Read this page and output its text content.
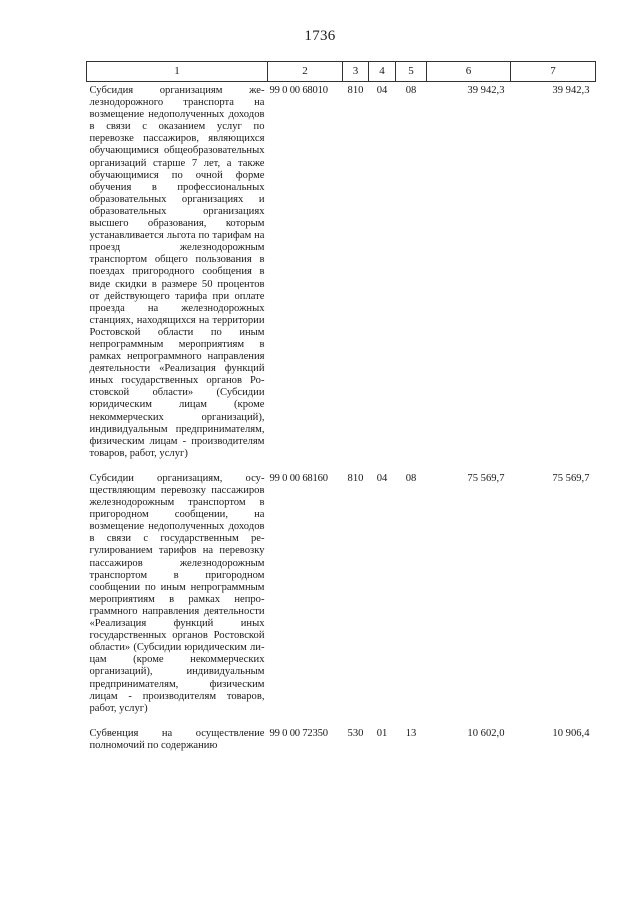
1736
1	2	3	4	5	6	7
Субсидия организациям железнодорожного транспорта на возмещение недополученных доходов в связи с оказанием услуг по перевозке пассажиров, являющихся обучающимися общеобразовательных организаций старше 7 лет, а также обучающимися по очной форме обучения в профессиональных образовательных организациях и образовательных организациях высшего образования, которым устанавливается льгота по тарифам на проезд железнодорожным транспортом общего пользования в поездах пригородного сообщения в виде скидки в размере 50 процентов от действующего тарифа при оплате проезда на железнодорожных станциях, находящихся на территории Ростовской области по иным непрограммным мероприятиям в рамках непрограммного направления деятельности «Реализация функций иных государственных органов Ростовской области» (Субсидии юридическим лицам (кроме некоммерческих организаций), индивидуальным предпринимателям, физическим лицам - производителям товаров, работ, услуг)	99 0 00 68010	810	04	08	39 942,3	39 942,3
Субсидии организациям, осуществляющим перевозку пассажиров железнодорожным транспортом в пригородном сообщении, на возмещение недополученных доходов в связи с государственным регулированием тарифов на перевозку пассажиров железнодорожным транспортом в пригородном сообщении по иным непрограммным мероприятиям в рамках непрограммного направления деятельности «Реализация функций иных государственных органов Ростовской области» (Субсидии юридическим лицам (кроме некоммерческих организаций), индивидуальным предпринимателям, физическим лицам - производителям товаров, работ, услуг)	99 0 00 68160	810	04	08	75 569,7	75 569,7
Субвенция на осуществление полномочий по содержанию	99 0 00 72350	530	01	13	10 602,0	10 906,4
